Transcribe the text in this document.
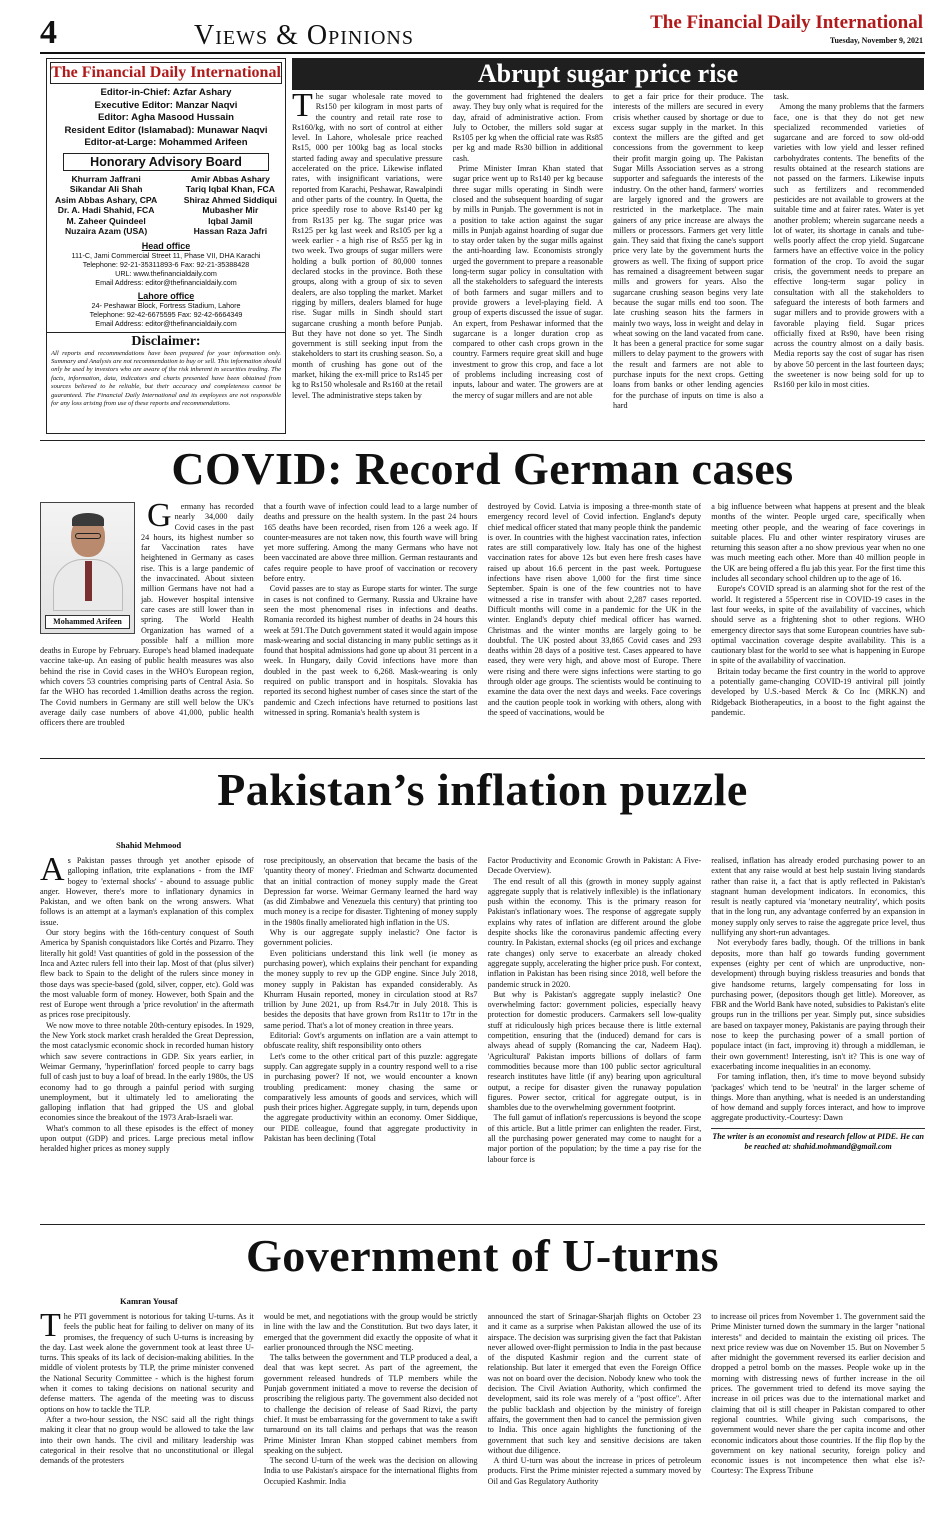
4	Views & Opinions	The Financial Daily International
Tuesday, November 9, 2021
The Financial Daily International
Editor-in-Chief: Azfar Ashary
Executive Editor: Manzar Naqvi
Editor: Agha Masood Hussain
Resident Editor (Islamabad): Munawar Naqvi
Editor-at-Large: Mohammed Arifeen
Honorary Advisory Board
Khurram Jaffrani
Sikandar Ali Shah
Asim Abbas Ashary, CPA
Dr. A. Hadi Shahid, FCA
M. Zaheer Quindeel
Nuzaira Azam (USA)
Amir Abbas Ashary
Tariq Iqbal Khan, FCA
Shiraz Ahmed Siddiqui
Mubasher Mir
Iqbal Jamil
Hassan Raza Jafri
Head office
111-C, Jami Commercial Street 11, Phase VII, DHA Karachi
Telephone: 92-21-35311893-6 Fax: 92-21-35388428
URL: www.thefinancialdaily.com
Email Address: editor@thefinancialdaily.com
Lahore office
24- Peshawar Block, Fortress Stadium, Lahore
Telephone: 92-42-6675595 Fax: 92-42-6664349
Email Address: editor@thefinancialdaily.com
Disclaimer:
All reports and recommendations have been prepared for your information only. Summary and Analysis are not recommendation to buy or sell. This information should only be used by investors who are aware of the risk inherent in securities trading. The facts, information, data, indicators and charts presented have been obtained from sources believed to be reliable, but their accuracy and completeness cannot be guaranteed. The Financial Daily International and its employees are not responsible for any loss arising from use of these reports and recommendations.
Abrupt sugar price rise

The sugar wholesale rate moved to Rs150 per kilogram in most parts of the country and retail rate rose to Rs160/kg, with no sort of control at either level. In Lahore, wholesale price reached Rs15, 000 per 100kg bag as local stocks started fading away and speculative pressure accelerated on the price. Likewise inflated rates, with insignificant variations, were reported from Karachi, Peshawar, Rawalpindi and other parts of the country. In Quetta, the price speedily rose to above Rs140 per kg from Rs135 per kg. The sugar price was Rs125 per kg last week and Rs105 per kg a week earlier - a high rise of Rs55 per kg in two week. Two groups of sugar millers were holding a bulk portion of 80,000 tonnes declared stocks in the province. Both these groups, along with a group of six to seven dealers, are also toppling the market. Market rigging by millers, dealers blamed for huge rise. Sugar mills in Sindh should start sugarcane crushing a month before Punjab. But they have not done so yet. The Sindh government is still seeking input from the stakeholders to start its crushing season. So, a month of crushing has gone out of the market, hiking the ex-mill price to Rs145 per kg to Rs150 wholesale and Rs160 at the retail level. The administrative steps taken by

the government had frightened the dealers away. They buy only what is required for the day, afraid of administrative action. From July to October, the millers sold sugar at Rs105 per kg when the official rate was Rs85 per kg and made Rs30 billion in additional cash.

Prime Minister Imran Khan stated that sugar price went up to Rs140 per kg because three sugar mills operating in Sindh were closed and the subsequent hoarding of sugar by mills in Punjab. The government is not in a position to take action against the sugar mills in Punjab against hoarding of sugar due to stay order taken by the sugar mills against the anti-hoarding law. Economists strongly urged the government to prepare a reasonable long-term sugar policy in consultation with all the stakeholders to safeguard the interests of both farmers and sugar millers and to provide growers a level-playing field. A group of experts discussed the issue of sugar. An expert, from Peshawar informed that the sugarcane is a longer duration crop as compared to other cash crops grown in the country. Farmers require great skill and huge investment to grow this crop, and face a lot of problems including increasing cost of inputs, labour and water. The growers are at the mercy of sugar millers and are not able

to get a fair price for their produce. The interests of the millers are secured in every crisis whether caused by shortage or due to excess sugar supply in the market. In this context the millers are the gifted and get concessions from the government to keep their profit margin going up. The Pakistan Sugar Mills Association serves as a strong supporter and safeguards the interests of the industry. On the other hand, farmers' worries are largely ignored and the growers are restricted in the marketplace. The main gainers of any price increase are always the millers or processors. Farmers get very little gain. They said that fixing the cane's support price very late by the government hurts the growers as well. The fixing of support price has remained a disagreement between sugar mills and growers for years. Also the sugarcane crushing season begins very late because the sugar mills end too soon. The late crushing season hits the farmers in mainly two ways, loss in weight and delay in wheat sowing on the land vacated from cane. It has been a general practice for some sugar millers to delay payment to the growers with the result and farmers are not able to purchase inputs for the next crops. Getting loans from banks or other lending agencies for the purchase of inputs on time is also a hard

task.

Among the many problems that the farmers face, one is that they do not get new specialized recommended varieties of sugarcane and are forced to sow old-odd varieties with low yield and lesser refined carbohydrates contents. The benefits of the results obtained at the research stations are not passed on the farmers. Likewise inputs such as fertilizers and recommended pesticides are not available to growers at the suitable time and at fairer rates. Water is yet another problem; wherein sugarcane needs a lot of water, its shortage in canals and tube-wells poorly affect the crop yield. Sugarcane farmers have an effective voice in the policy formation of the crop. To avoid the sugar crisis, the government needs to prepare an effective long-term sugar policy in consultation with all the stakeholders to safeguard the interests of both farmers and sugar millers and to provide growers with a favorable playing field. Sugar prices officially fixed at Rs90, have been rising across the country almost on a daily basis. Media reports say the cost of sugar has risen by above 50 percent in the last fourteen days; the sweetener is now being sold for up to Rs160 per kilo in most cities.

COVID: Record German cases
Mohammed Arifeen

G	ermany has recorded nearly 34,000 daily Covid cases in the past 24 hours, its highest number so far Vaccination rates have heightened in Germany as cases rise. This is a large pandemic of the invaccinated. About sixteen million Germans have not had a jab. However hospital intensive care cases are still lower than in spring. The World Health Organization has warned of a possible half a million more deaths in Europe by February. Europe's head blamed inadequate vaccine take-up. An easing of public health measures was also behind the rise in Covid cases in the WHO's European region, which covers 53 countries comprising parts of Central Asia. So far the WHO has recorded 1.4million deaths across the region. The Covid numbers in Germany are still well below the UK's average daily case numbers of above 41,000, public health officers there are troubled

that a fourth wave of infection could lead to a large number of deaths and pressure on the health system. In the past 24 hours 165 deaths have been recorded, risen from 126 a week ago. If counter-measures are not taken now, this fourth wave will bring yet more suffering. Among the many Germans who have not been vaccinated are above three million. German restaurants and cafes require people to have proof of vaccination or recovery before entry.

Covid passes are to stay as Europe starts for winter. The surge in cases is not confined to Germany. Russia and Ukraine have seen the most phenomenal rises in infections and deaths. Romania recorded its highest number of deaths in 24 hours this week at 591.The Dutch government stated it would again impose mask-wearing and social distancing in many public settings as it found that hospital admissions had gone up about 31 percent in a week. In Hungary, daily Covid infections have more than doubled in the past week to 6,268. Mask-wearing is only required on public transport and in hospitals. Slovakia has reported its second highest number of cases since the start of the pandemic and Czech infections have returned to positions last witnessed in spring. Romania's health system is

destroyed by Covid. Latvia is imposing a three-month state of emergency record level of Covid infection. England's deputy chief medical officer stated that many people think the pandemic is over. In countries with the highest vaccination rates, infection rates are still comparatively low. Italy has one of the highest vaccination rates for above 12s but even here fresh cases have raised up about 16.6 percent in the past week. Portuguese infections have risen above 1,000 for the first time since September. Spain is one of the few countries not to have witnessed a rise in transfer with about 2,287 cases reported. Difficult months will come in a pandemic for the UK in the winter. England's deputy chief medical officer has warned. Christmas and the winter months are largely going to be doubtful. The UK posted about 33,865 Covid cases and 293 deaths within 28 days of a positive test. Cases appeared to have eased, they were very high, and above most of Europe. There were rising and there were signs infections were starting to go through older age groups. The scientists would be continuing to examine the data over the next days and weeks. Face coverings and the caution people took in working with others, along with the speed of vaccinations, would be

a big influence between what happens at present and the bleak months of the winter. People urged care, specifically when meeting other people, and the wearing of face coverings in suitable places. Flu and other winter respiratory viruses are returning this season after a no show previous year when no one was much meeting each other. More than 40 million people in the UK are being offered a flu jab this year. For the first time this includes all secondary school children up to the age of 16.

Europe's COVID spread is an alarming shot for the rest of the world. It registered a 55percent rise in COVID-19 cases in the last four weeks, in spite of the availability of vaccines, which should serve as a frightening shot to other regions. WHO emergency director says that some European countries have sub-optimal vaccination coverage despite availability. This is a cautionary blast for the world to see what is happening in Europe in spite of the availability of vaccination.

Britain today became the first country in the world to approve a potentially game-changing COVID-19 antiviral pill jointly developed by U.S.-based Merck & Co Inc (MRK.N) and Ridgeback Biotherapeutics, in a boost to the fight against the pandemic.

Pakistan’s inflation puzzle
Shahid Mehmood

As Pakistan passes through yet another episode of galloping inflation, trite explanations - from the IMF bogey to 'external shocks' - abound to assuage public anger. However, there's more to inflationary dynamics in Pakistan, and we often bank on the wrong answers. What follows is an attempt at a layman's explanation of this complex issue.

Our story begins with the 16th-century conquest of South America by Spanish conquistadors like Cortés and Pizarro. They literally hit gold! Vast quantities of gold in the possession of the Inca and Aztec rulers fell into their lap. Most of that (plus silver) flew back to Spain to the delight of the rulers since money in those days was specie-based (gold, silver, copper, etc). Gold was the most valuable form of money. However, both Spain and the rest of Europe went through a 'price revolution' in the aftermath as prices rose precipitously.

We now move to three notable 20th-century episodes. In 1929, the New York stock market crash heralded the Great Depression, the most cataclysmic economic shock in recorded human history which saw severe contractions in GDP. Six years earlier, in Weimar Germany, 'hyperinflation' forced people to carry bags full of cash just to buy a loaf of bread. In the early 1980s, the US economy had to go through a painful period with surging unemployment, but it ultimately led to ameliorating the galloping inflation that had gripped the US and global economies since the breakout of the 1973 Arab-Israeli war.

What's common to all these episodes is the effect of money upon output (GDP) and prices. Large precious metal inflow heralded higher prices as money supply

rose precipitously, an observation that became the basis of the 'quantity theory of money'. Friedman and Schwartz documented that an initial contraction of money supply made the Great Depression far worse. Weimar Germany learned the hard way (as did Zimbabwe and Venezuela this century) that printing too much money is a recipe for disaster. Tightening of money supply in the 1980s finally ameliorated high inflation in the US.

Why is our aggregate supply inelastic? One factor is government policies.

Even politicians understand this link well (ie money as purchasing power), which explains their penchant for expanding the money supply to rev up the GDP engine. Since July 2018, money supply in Pakistan has expanded considerably. As Khurram Husain reported, money in circulation stood at Rs7 trillion by June 2021, up from Rs4.7tr in July 2018. This is besides the deposits that have grown from Rs11tr to 17tr in the same period. That's a lot of money creation in three years.

Editorial: Govt's arguments on inflation are a vain attempt to obfuscate reality, shift responsibility onto others

Let's come to the other critical part of this puzzle: aggregate supply. Can aggregate supply in a country respond well to a rise in purchasing power? If not, we would encounter a known troubling predicament: money chasing the same or comparatively less amounts of goods and services, which will push their prices higher. Aggregate supply, in turn, depends upon the aggregate productivity within an economy. Omer Siddique, our PIDE colleague, found that aggregate productivity in Pakistan has been declining (Total

Factor Productivity and Economic Growth in Pakistan: A Five-Decade Overview).

The end result of all this (growth in money supply against aggregate supply that is relatively inflexible) is the inflationary push within the economy. This is the primary reason for Pakistan's inflationary woes. The response of aggregate supply explains why rates of inflation are different around the globe despite shocks like the coronavirus pandemic affecting every country. In Pakistan, external shocks (eg oil prices and exchange rate changes) only serve to exacerbate an already choked aggregate supply, accelerating the higher price push. For context, inflation in Pakistan has been rising since 2018, well before the pandemic struck in 2020.

But why is Pakistan's aggregate supply inelastic? One overwhelming factor: government policies, especially heavy protection for domestic producers. Carmakers sell low-quality stuff at ridiculously high prices because there is little external competition, ensuring that the (induced) demand for cars is always ahead of supply (Romancing the car, Nadeem Haq). 'Agricultural' Pakistan imports billions of dollars of farm commodities because more than 100 public sector agricultural research institutes have little (if any) bearing upon agricultural output, a recipe for disaster given the runaway population figures. Power sector, critical for aggregate output, is in shambles due to the overwhelming government footprint.

The full gamut of inflation's repercussions is beyond the scope of this article. But a little primer can enlighten the reader. First, all the purchasing power generated may come to naught for a major portion of the population; by the time a pay rise for the labour force is

realised, inflation has already eroded purchasing power to an extent that any raise would at best help sustain living standards rather than raise it, a fact that is aptly reflected in Pakistan's stagnant human development indicators. In economics, this result is neatly captured via 'monetary neutrality', which posits that in the long run, any advantage conferred by an expansion in money supply only serves to raise the aggregate price level, thus nullifying any short-run advantages.

Not everybody fares badly, though. Of the trillions in bank deposits, more than half go towards funding government expenses (eighty per cent of which are unproductive, non-development) through buying riskless treasuries and bonds that give handsome returns, largely compensating for loss in purchasing power, (depositors though get little). Moreover, as FBR and the World Bank have noted, subsidies to Pakistan's elite groups run in the trillions per year. Simply put, since subsidies are based on taxpayer money, Pakistanis are paying through their nose to keep the purchasing power of a small portion of populace intact (in fact, improving it) through a middleman, ie their own government! Interesting, isn't it? This is one way of exacerbating income inequalities in an economy.

For taming inflation, then, it's time to move beyond subsidy 'packages' which tend to be 'neutral' in the larger scheme of things. More than anything, what is needed is an understanding of how demand and supply forces interact, and how to improve aggregate productivity.-Courtesy: Dawn

The writer is an economist and research fellow at PIDE. He can be reached at: shahid.mohmand@gmail.com
Government of U-turns
Kamran Yousaf

The PTI government is notorious for taking U-turns. As it feels the public heat for failing to deliver on many of its promises, the frequency of such U-turns is increasing by the day. Last week alone the government took at least three U-turns. This speaks of its lack of decision-making abilities. In the middle of violent protests by TLP, the prime minister convened the National Security Committee - which is the highest forum when it comes to taking decisions on national security and defense matters. The agenda of the meeting was to discuss options on how to tackle the TLP.

After a two-hour session, the NSC said all the right things making it clear that no group would be allowed to take the law into their own hands. The civil and military leadership was categorical in their resolve that no unconstitutional or illegal demands of the protesters

would be met, and negotiations with the group would be strictly in line with the law and the Constitution. But two days later, it emerged that the government did exactly the opposite of what it earlier pronounced through the NSC meeting.

The talks between the government and TLP produced a deal, a deal that was kept secret. As part of the agreement, the government released hundreds of TLP members while the Punjab government initiated a move to reverse the decision of proscribing the religious party. The government also decided not to challenge the decision of release of Saad Rizvi, the party chief. It must be embarrassing for the government to take a swift turnaround on its tall claims and perhaps that was the reason Prime Minister Imran Khan stopped cabinet members from speaking on the subject.

The second U-turn of the week was the decision on allowing India to use Pakistan's airspace for the international flights from Occupied Kashmir. India

announced the start of Srinagar-Sharjah flights on October 23 and it came as a surprise when Pakistan allowed the use of its airspace. The decision was surprising given the fact that Pakistan never allowed over-flight permission to India in the past because of the disputed Kashmir region and the current state of relationship. But later it emerged that even the Foreign Office was not on board over the decision. Nobody knew who took the decision. The Civil Aviation Authority, which confirmed the development, said its role was merely of a "post office". After the public backlash and objection by the ministry of foreign affairs, the government then had to cancel the permission given to India. This once again highlights the functioning of the government that such key and sensitive decisions are taken without due diligence.

A third U-turn was about the increase in prices of petroleum products. First the Prime minister rejected a summary moved by Oil and Gas Regulatory Authority

to increase oil prices from November 1. The government said the Prime Minister turned down the summary in the larger "national interests" and decided to maintain the existing oil prices. The next price review was due on November 15. But on November 5 after midnight the government reversed its earlier decision and dropped a petrol bomb on the masses. People woke up in the morning with distressing news of further increase in the oil prices. The government tried to defend its move saying the increase in oil prices was due to the international market and claiming that oil is still cheaper in Pakistan compared to other regional countries. While giving such comparisons, the government would never share the per capita income and other economic indicators about those countries. If the flip flop by the government on key national security, foreign policy and economic issues is not incompetence then what else is?-Courtesy: The Express Tribune
